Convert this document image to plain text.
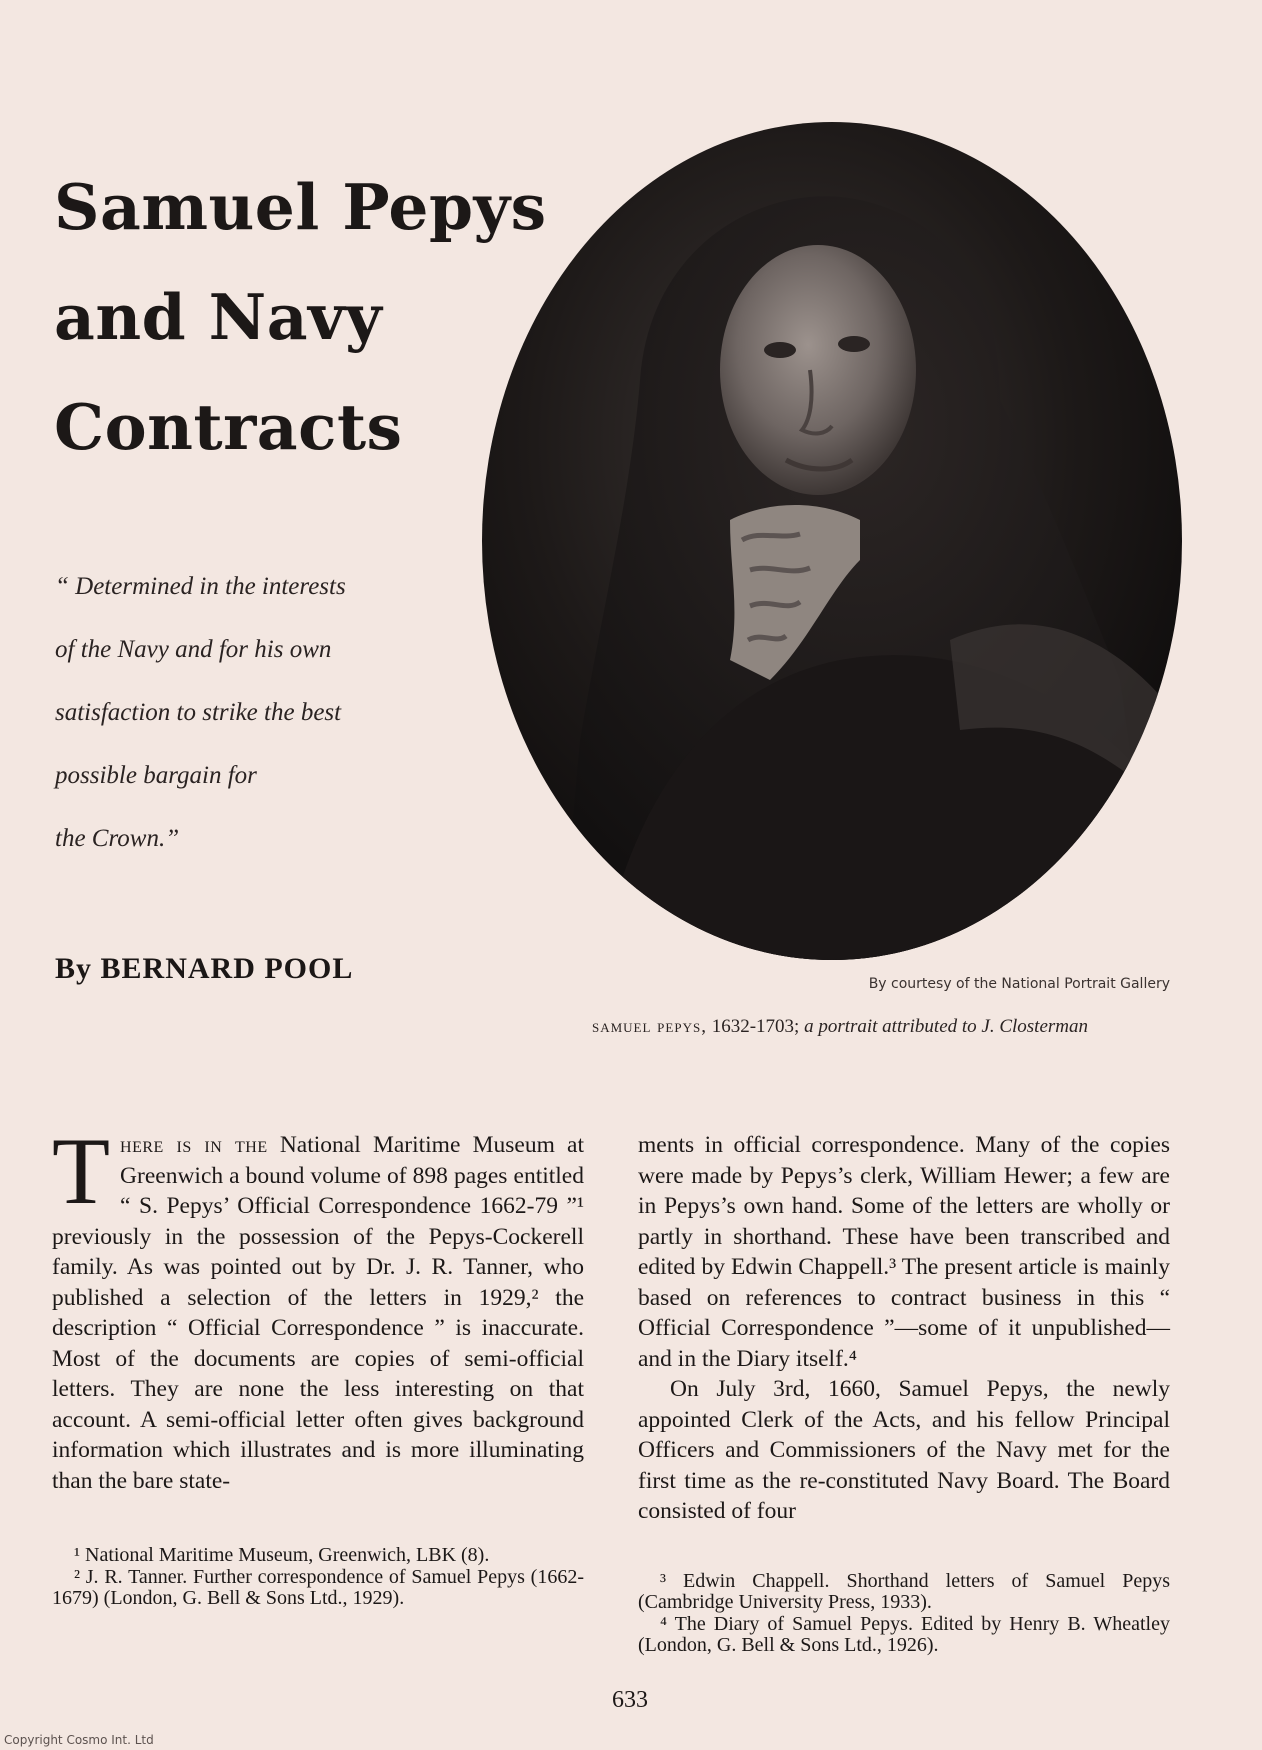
Samuel Pepys
and Navy
Contracts
“ Determined in the interests
of the Navy and for his own
satisfaction to strike the best
possible bargain for
the Crown.”
By BERNARD POOL	By courtesy of the National Portrait Gallery
samuel pepys, 1632-1703; a portrait attributed to J. Closterman

There is in the National Maritime Museum at Greenwich a bound volume of 898 pages entitled “ S. Pepys’ Official Correspondence 1662-79 ”¹ previously in the possession of the Pepys-Cockerell family. As was pointed out by Dr. J. R. Tanner, who published a selection of the letters in 1929,² the description “ Official Correspondence ” is inaccurate. Most of the documents are copies of semi-official letters. They are none the less interesting on that account. A semi-official letter often gives background information which illustrates and is more illuminating than the bare state-

ments in official correspondence. Many of the copies were made by Pepys’s clerk, William Hewer; a few are in Pepys’s own hand. Some of the letters are wholly or partly in shorthand. These have been transcribed and edited by Edwin Chappell.³ The present article is mainly based on references to contract business in this “ Official Correspondence ”—some of it unpublished—and in the Diary itself.⁴

On July 3rd, 1660, Samuel Pepys, the newly appointed Clerk of the Acts, and his fellow Principal Officers and Commissioners of the Navy met for the first time as the re-constituted Navy Board. The Board consisted of four

¹ National Maritime Museum, Greenwich, LBK (8).

² J. R. Tanner. Further correspondence of Samuel Pepys (1662-1679) (London, G. Bell & Sons Ltd., 1929).

³ Edwin Chappell. Shorthand letters of Samuel Pepys (Cambridge University Press, 1933).

⁴ The Diary of Samuel Pepys. Edited by Henry B. Wheatley (London, G. Bell & Sons Ltd., 1926).

633
Copyright Cosmo Int. Ltd
